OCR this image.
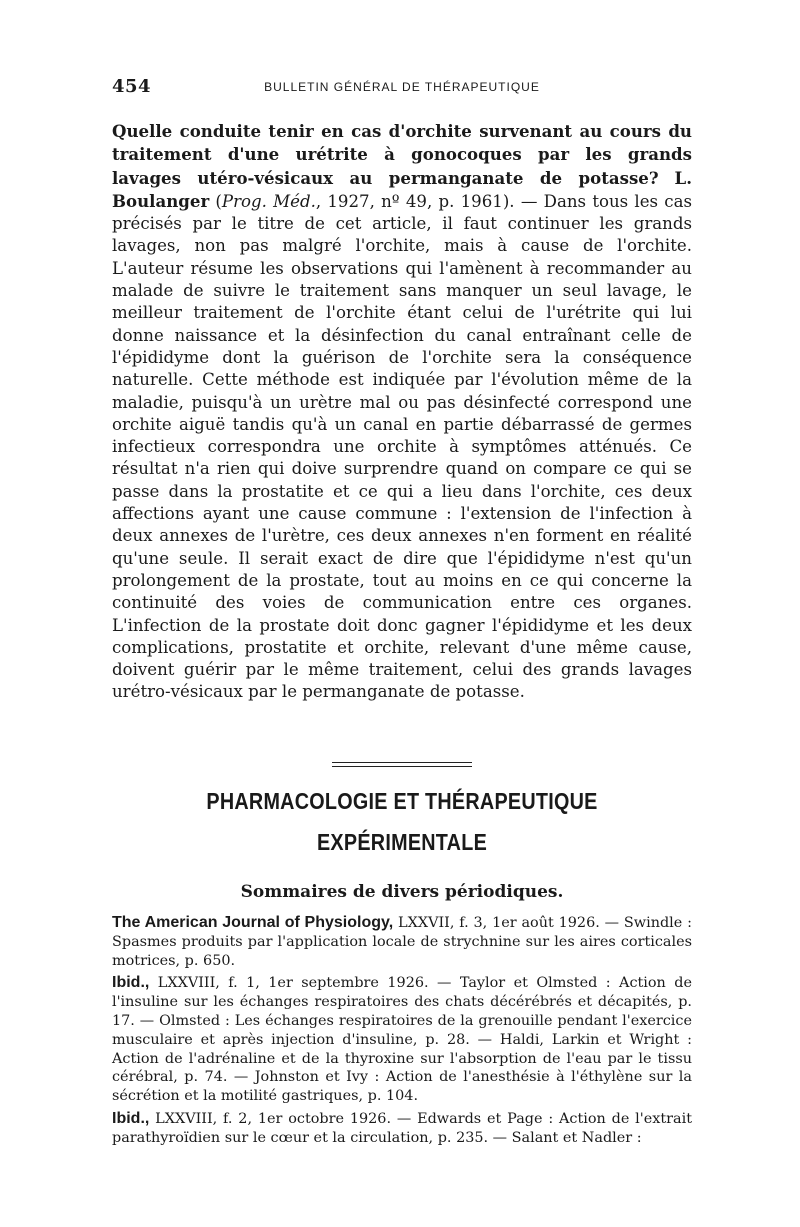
454	BULLETIN GÉNÉRAL DE THÉRAPEUTIQUE

Quelle conduite tenir en cas d'orchite survenant au cours du traitement d'une urétrite à gonocoques par les grands lavages utéro-vésicaux au permanganate de potasse? L. Boulanger (Prog. Méd., 1927, nº 49, p. 1961). — Dans tous les cas précisés par le titre de cet article, il faut continuer les grands lavages, non pas malgré l'orchite, mais à cause de l'orchite. L'auteur résume les observations qui l'amènent à recommander au malade de suivre le traitement sans manquer un seul lavage, le meilleur traitement de l'orchite étant celui de l'urétrite qui lui donne naissance et la désinfection du canal entraînant celle de l'épididyme dont la guérison de l'orchite sera la conséquence naturelle. Cette méthode est indiquée par l'évolution même de la maladie, puisqu'à un urètre mal ou pas désinfecté correspond une orchite aiguë tandis qu'à un canal en partie débarrassé de germes infectieux correspondra une orchite à symptômes atténués. Ce résultat n'a rien qui doive surprendre quand on compare ce qui se passe dans la prostatite et ce qui a lieu dans l'orchite, ces deux affections ayant une cause commune : l'extension de l'infection à deux annexes de l'urètre, ces deux annexes n'en forment en réalité qu'une seule. Il serait exact de dire que l'épididyme n'est qu'un prolongement de la prostate, tout au moins en ce qui concerne la continuité des voies de communication entre ces organes. L'infection de la prostate doit donc gagner l'épididyme et les deux complications, prostatite et orchite, relevant d'une même cause, doivent guérir par le même traitement, celui des grands lavages urétro-vésicaux par le permanganate de potasse.

PHARMACOLOGIE ET THÉRAPEUTIQUE
EXPÉRIMENTALE
Sommaires de divers périodiques.

The American Journal of Physiology, LXXVII, f. 3, 1er août 1926. — Swindle : Spasmes produits par l'application locale de strychnine sur les aires corticales motrices, p. 650.

Ibid., LXXVIII, f. 1, 1er septembre 1926. — Taylor et Olmsted : Action de l'insuline sur les échanges respiratoires des chats décérébrés et décapités, p. 17. — Olmsted : Les échanges respiratoires de la grenouille pendant l'exercice musculaire et après injection d'insuline, p. 28. — Haldi, Larkin et Wright : Action de l'adrénaline et de la thyroxine sur l'absorption de l'eau par le tissu cérébral, p. 74. — Johnston et Ivy : Action de l'anesthésie à l'éthylène sur la sécrétion et la motilité gastriques, p. 104.

Ibid., LXXVIII, f. 2, 1er octobre 1926. — Edwards et Page : Action de l'extrait parathyroïdien sur le cœur et la circulation, p. 235. — Salant et Nadler :
